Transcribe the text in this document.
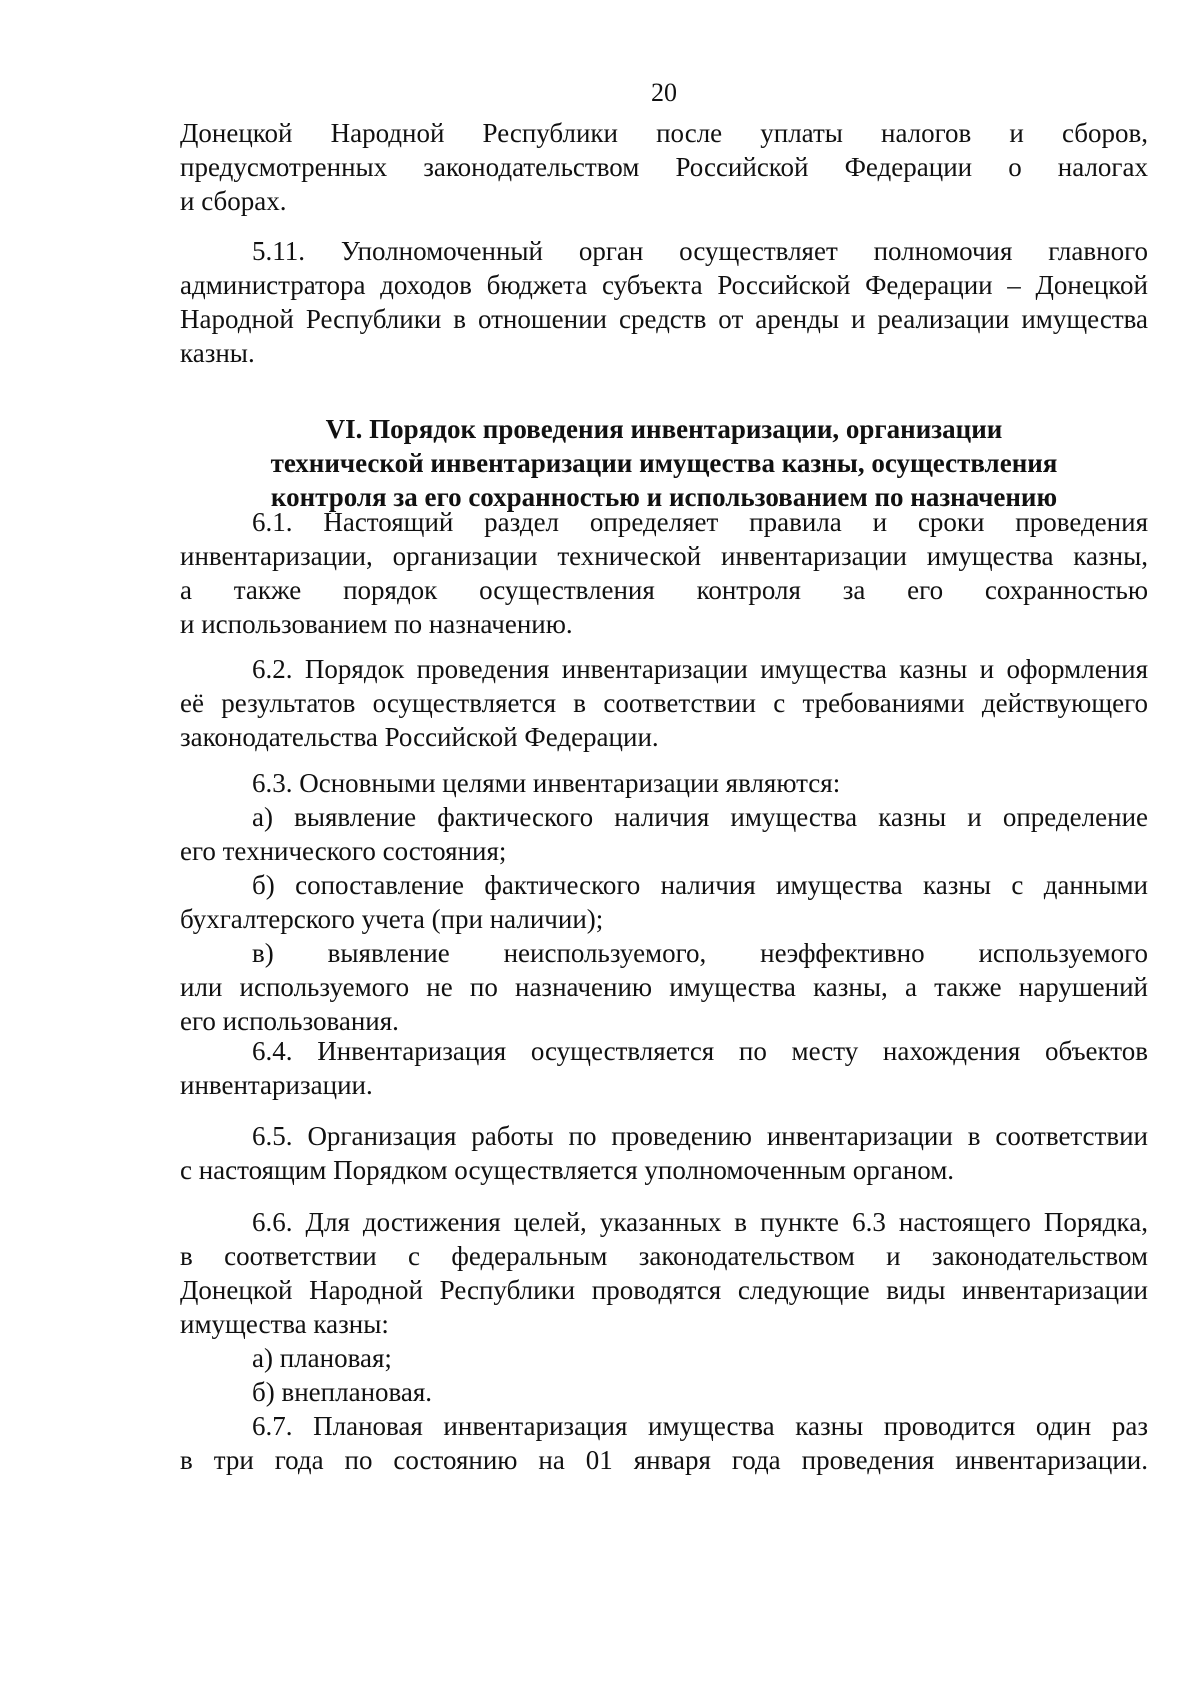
20
Донецкой Народной Республики после уплаты налогов и сборов,
предусмотренных законодательством Российской Федерации о налогах
и сборах.
5.11. Уполномоченный орган осуществляет полномочия главного
администратора доходов бюджета субъекта Российской Федерации – Донецкой
Народной Республики в отношении средств от аренды и реализации имущества
казны.
VI. Порядок проведения инвентаризации, организации
технической инвентаризации имущества казны, осуществления
контроля за его сохранностью и использованием по назначению
6.1. Настоящий раздел определяет правила и сроки проведения
инвентаризации, организации технической инвентаризации имущества казны,
а также порядок осуществления контроля за его сохранностью
и использованием по назначению.
6.2. Порядок проведения инвентаризации имущества казны и оформления
её результатов осуществляется в соответствии с требованиями действующего
законодательства Российской Федерации.
6.3. Основными целями инвентаризации являются:
а) выявление фактического наличия имущества казны и определение
его технического состояния;
б) сопоставление фактического наличия имущества казны с данными
бухгалтерского учета (при наличии);
в) выявление неиспользуемого, неэффективно используемого
или используемого не по назначению имущества казны, а также нарушений
его использования.
6.4. Инвентаризация осуществляется по месту нахождения объектов
инвентаризации.
6.5. Организация работы по проведению инвентаризации в соответствии
с настоящим Порядком осуществляется уполномоченным органом.
6.6. Для достижения целей, указанных в пункте 6.3 настоящего Порядка,
в соответствии с федеральным законодательством и законодательством
Донецкой Народной Республики проводятся следующие виды инвентаризации
имущества казны:
а) плановая;
б) внеплановая.
6.7. Плановая инвентаризация имущества казны проводится один раз
в три года по состоянию на 01 января года проведения инвентаризации.
